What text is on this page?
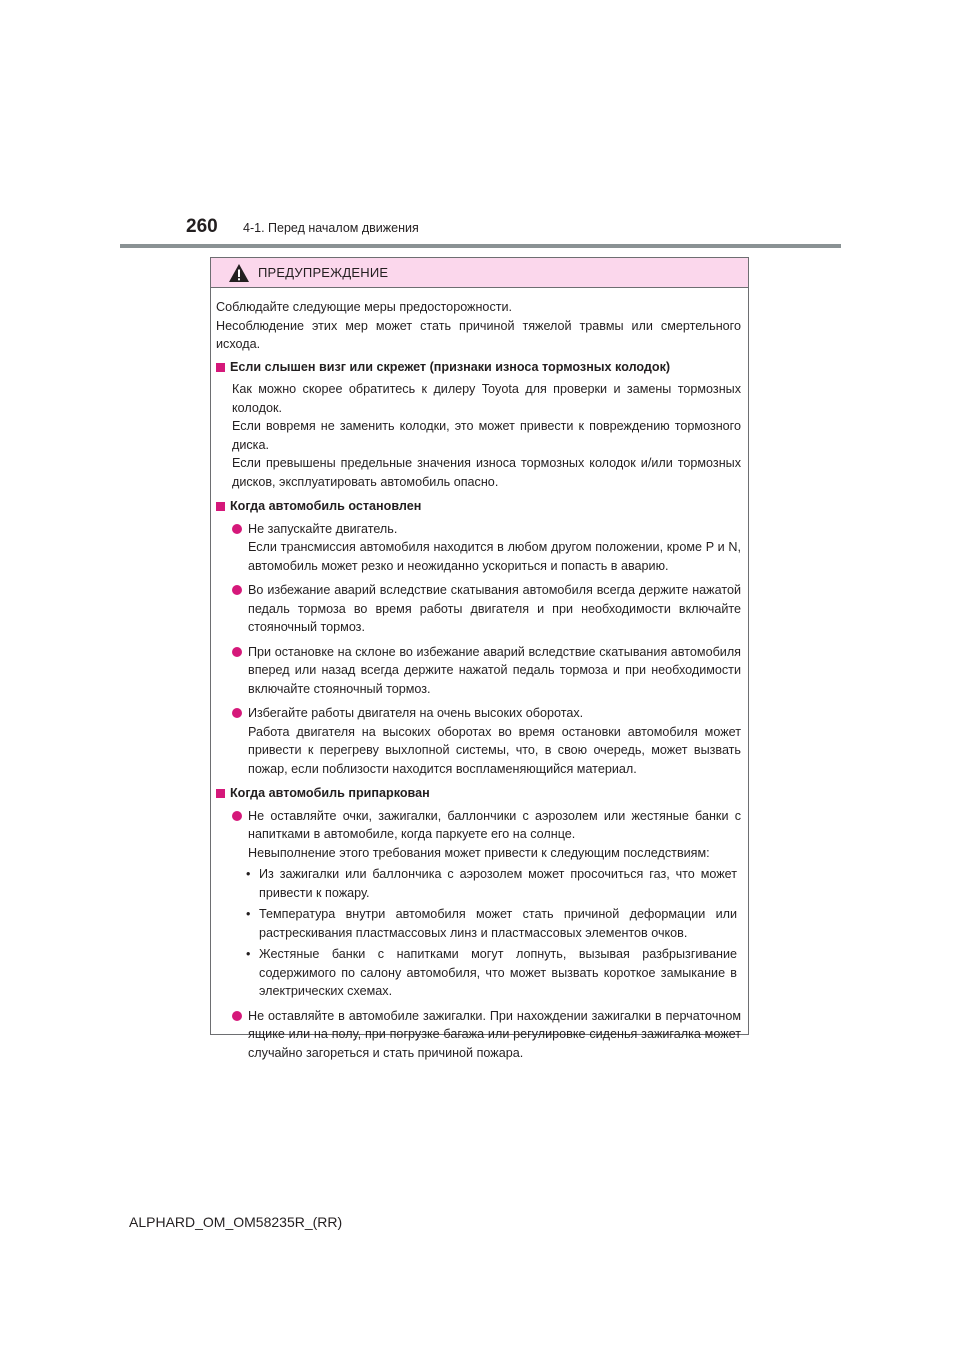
260 4-1. Перед началом движения
ПРЕДУПРЕЖДЕНИЕ

Соблюдайте следующие меры предосторожности.

Несоблюдение этих мер может стать причиной тяжелой травмы или смертельного исхода.

Если слышен визг или скрежет (признаки износа тормозных колодок)

Как можно скорее обратитесь к дилеру Toyota для проверки и замены тормозных колодок.

Если вовремя не заменить колодки, это может привести к повреждению тормозного диска.

Если превышены предельные значения износа тормозных колодок и/или тормозных дисков, эксплуатировать автомобиль опасно.

Когда автомобиль остановлен

Не запускайте двигатель.

Если трансмиссия автомобиля находится в любом другом положении, кроме P и N, автомобиль может резко и неожиданно ускориться и попасть в аварию.

Во избежание аварий вследствие скатывания автомобиля всегда держите нажатой педаль тормоза во время работы двигателя и при необходимости включайте стояночный тормоз.

При остановке на склоне во избежание аварий вследствие скатывания автомобиля вперед или назад всегда держите нажатой педаль тормоза и при необходимости включайте стояночный тормоз.

Избегайте работы двигателя на очень высоких оборотах.

Работа двигателя на высоких оборотах во время остановки автомобиля может привести к перегреву выхлопной системы, что, в свою очередь, может вызвать пожар, если поблизости находится воспламеняющийся материал.

Когда автомобиль припаркован

Не оставляйте очки, зажигалки, баллончики с аэрозолем или жестяные банки с напитками в автомобиле, когда паркуете его на солнце.

Невыполнение этого требования может привести к следующим последствиям:

• Из зажигалки или баллончика с аэрозолем может просочиться газ, что может привести к пожару.
• Температура внутри автомобиля может стать причиной деформации или растрескивания пластмассовых линз и пластмассовых элементов очков.
• Жестяные банки с напитками могут лопнуть, вызывая разбрызгивание содержимого по салону автомобиля, что может вызвать короткое замыкание в электрических схемах.

Не оставляйте в автомобиле зажигалки. При нахождении зажигалки в перчаточном ящике или на полу, при погрузке багажа или регулировке сиденья зажигалка может случайно загореться и стать причиной пожара.

ALPHARD_OM_OM58235R_(RR)
